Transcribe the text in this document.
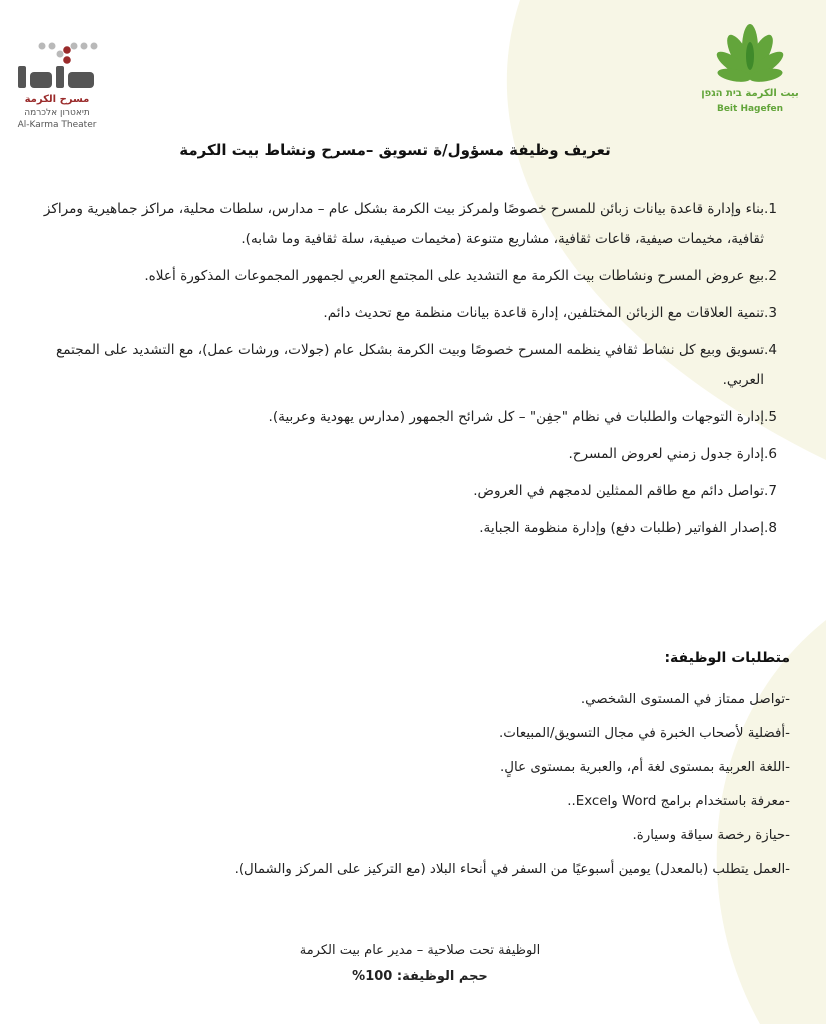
مسرح الكرمة
תיאטרון אלכרמה
Al-Karma Theater
بيت الكرمة בית הגפן
Beit Hagefen
تعريف وظيفة مسؤول/ة تسويق –مسرح ونشاط بيت الكرمة
1.
بناء وإدارة قاعدة بيانات زبائن للمسرح خصوصًا ولمركز بيت الكرمة بشكل عام – مدارس، سلطات محلية، مراكز جماهيرية ومراكز ثقافية، مخيمات صيفية، قاعات ثقافية، مشاريع متنوعة (مخيمات صيفية، سلة ثقافية وما شابه).
2.
بيع عروض المسرح ونشاطات بيت الكرمة مع التشديد على المجتمع العربي لجمهور المجموعات المذكورة أعلاه.
3.
تنمية العلاقات مع الزبائن المختلفين، إدارة قاعدة بيانات منظمة مع تحديث دائم.
4.
تسويق وبيع كل نشاط ثقافي ينظمه المسرح خصوصًا وبيت الكرمة بشكل عام (جولات، ورشات عمل)، مع التشديد على المجتمع العربي.
5.
إدارة التوجهات والطلبات في نظام "جفِن" – كل شرائح الجمهور (مدارس يهودية وعربية).
6.
إدارة جدول زمني لعروض المسرح.
7.
تواصل دائم مع طاقم الممثلين لدمجهم في العروض.
8.
إصدار الفواتير (طلبات دفع) وإدارة منظومة الجباية.
متطلبات الوظيفة:
-تواصل ممتاز في المستوى الشخصي.
-أفضلية لأصحاب الخبرة في مجال التسويق/المبيعات.
-اللغة العربية بمستوى لغة أم، والعبرية بمستوى عالٍ.
-معرفة باستخدام برامج Word وExcel..
-حيازة رخصة سياقة وسيارة.
-العمل يتطلب (بالمعدل) يومين أسبوعيًا من السفر في أنحاء البلاد (مع التركيز على المركز والشمال).
الوظيفة تحت صلاحية – مدير عام بيت الكرمة
حجم الوظيفة: 100%
